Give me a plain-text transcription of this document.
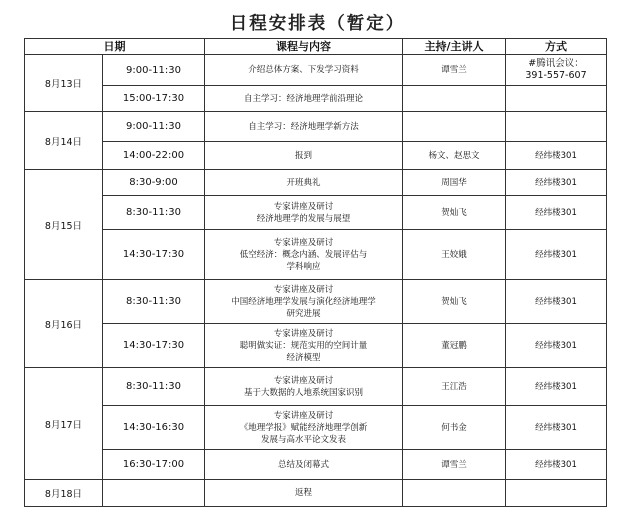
日程安排表（暂定）
日期		课程与内容	主持/主讲人	方式
8月13日	9:00-11:30	介绍总体方案、下发学习资料	谭雪兰	#腾讯会议：
391-557-607

	15:00-17:30	自主学习：经济地理学前沿理论		

8月14日	9:00-11:30	自主学习：经济地理学新方法		

	14:00-22:00	报到	杨文、赵思文	经纬楼301

8月15日	8:30-9:00	开班典礼	周国华	经纬楼301

	8:30-11:30	专家讲座及研讨
经济地理学的发展与展望	贺灿飞	经纬楼301

	14:30-17:30	专家讲座及研讨
低空经济：概念内涵、发展评估与
学科响应	王姣娥	经纬楼301

8月16日	8:30-11:30	专家讲座及研讨
中国经济地理学发展与演化经济地理学
研究进展	贺灿飞	经纬楼301

	14:30-17:30	专家讲座及研讨
聪明做实证：规范实用的空间计量
经济模型	董冠鹏	经纬楼301

8月17日	8:30-11:30	专家讲座及研讨
基于大数据的人地系统国家识别	王江浩	经纬楼301

	14:30-16:30	专家讲座及研讨
《地理学报》赋能经济地理学创新
发展与高水平论文发表	何书金	经纬楼301

	16:30-17:00	总结及闭幕式	谭雪兰	经纬楼301

8月18日		返程		
